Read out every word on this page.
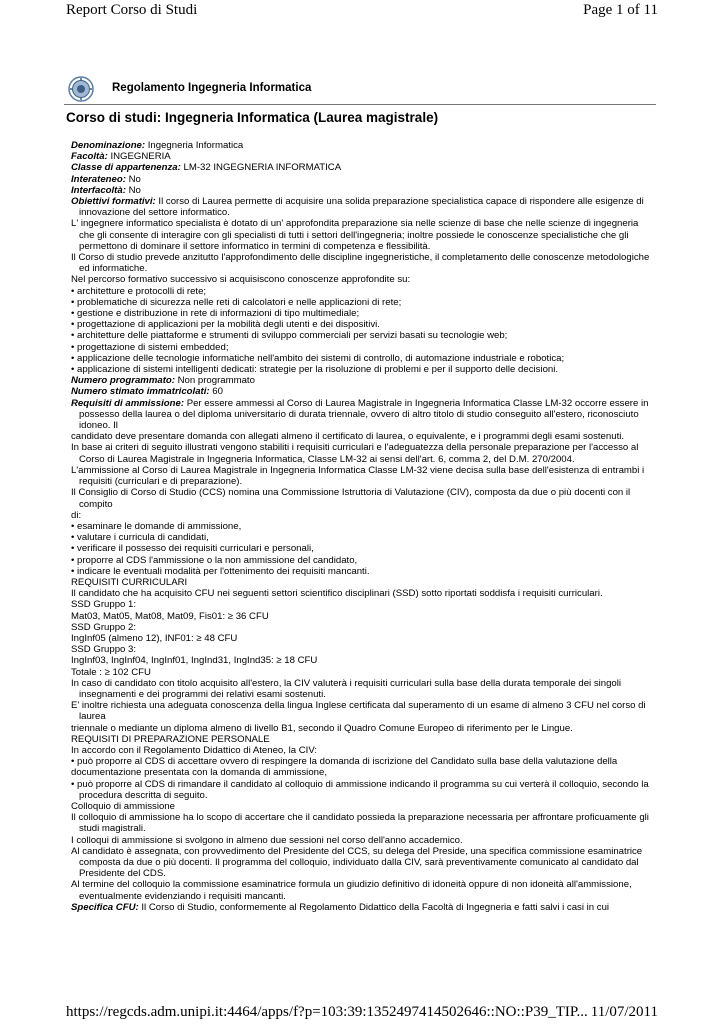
Report Corso di Studi	Page 1 of 11
Regolamento Ingegneria Informatica
Corso di studi: Ingegneria Informatica (Laurea magistrale)

Denominazione: Ingegneria Informatica

Facoltà: INGEGNERIA

Classe di appartenenza: LM-32 INGEGNERIA INFORMATICA

Interateneo: No

Interfacoltà: No

Obiettivi formativi: Il corso di Laurea permette di acquisire una solida preparazione specialistica capace di rispondere alle esigenze di innovazione del settore informatico.

L' ingegnere informatico specialista è dotato di un' approfondita preparazione sia nelle scienze di base che nelle scienze di ingegneria che gli consente di interagire con gli specialisti di tutti i settori dell'ingegneria; inoltre possiede le conoscenze specialistiche che gli permettono di dominare il settore informatico in termini di competenza e flessibilità.

Il Corso di studio prevede anzitutto l'approfondimento delle discipline ingegneristiche, il completamento delle conoscenze metodologiche ed informatiche.

Nel percorso formativo successivo si acquisiscono conoscenze approfondite su:

• architetture e protocolli di rete;

• problematiche di sicurezza nelle reti di calcolatori e nelle applicazioni di rete;

• gestione e distribuzione in rete di informazioni di tipo multimediale;

• progettazione di applicazioni per la mobilità degli utenti e dei dispositivi.

• architetture delle piattaforme e strumenti di sviluppo commerciali per servizi basati su tecnologie web;

• progettazione di sistemi embedded;

• applicazione delle tecnologie informatiche nell'ambito dei sistemi di controllo, di automazione industriale e robotica;

• applicazione di sistemi intelligenti dedicati: strategie per la risoluzione di problemi e per il supporto delle decisioni.

Numero programmato: Non programmato

Numero stimato immatricolati: 60

Requisiti di ammissione: Per essere ammessi al Corso di Laurea Magistrale in Ingegneria Informatica Classe LM-32 occorre essere in possesso della laurea o del diploma universitario di durata triennale, ovvero di altro titolo di studio conseguito all'estero, riconosciuto idoneo. Il

candidato deve presentare domanda con allegati almeno il certificato di laurea, o equivalente, e i programmi degli esami sostenuti.

In base ai criteri di seguito illustrati vengono stabiliti i requisiti curriculari e l'adeguatezza della personale preparazione per l'accesso al Corso di Laurea Magistrale in Ingegneria Informatica, Classe LM-32 ai sensi dell'art. 6, comma 2, del D.M. 270/2004.

L'ammissione al Corso di Laurea Magistrale in Ingegneria Informatica Classe LM-32 viene decisa sulla base dell'esistenza di entrambi i requisiti (curriculari e di preparazione).

Il Consiglio di Corso di Studio (CCS) nomina una Commissione Istruttoria di Valutazione (CIV), composta da due o più docenti con il compito

di:

• esaminare le domande di ammissione,

• valutare i curricula di candidati,

• verificare il possesso dei requisiti curriculari e personali,

• proporre al CDS l'ammissione o la non ammissione del candidato,

• indicare le eventuali modalità per l'ottenimento dei requisiti mancanti.

REQUISITI CURRICULARI

Il candidato che ha acquisito CFU nei seguenti settori scientifico disciplinari (SSD) sotto riportati soddisfa i requisiti curriculari.

SSD Gruppo 1:

Mat03, Mat05, Mat08, Mat09, Fis01: ≥ 36 CFU

SSD Gruppo 2:

IngInf05 (almeno 12), INF01: ≥ 48 CFU

SSD Gruppo 3:

IngInf03, IngInf04, IngInf01, IngInd31, IngInd35: ≥ 18 CFU

Totale : ≥ 102 CFU

In caso di candidato con titolo acquisito all'estero, la CIV valuterà i requisiti curriculari sulla base della durata temporale dei singoli insegnamenti e dei programmi dei relativi esami sostenuti.

E' inoltre richiesta una adeguata conoscenza della lingua Inglese certificata dal superamento di un esame di almeno 3 CFU nel corso di laurea

triennale o mediante un diploma almeno di livello B1, secondo il Quadro Comune Europeo di riferimento per le Lingue.

REQUISITI DI PREPARAZIONE PERSONALE

In accordo con il Regolamento Didattico di Ateneo, la CIV:

• può proporre al CDS di accettare ovvero di respingere la domanda di iscrizione del Candidato sulla base della valutazione della

documentazione presentata con la domanda di ammissione,

• può proporre al CDS di rimandare il candidato al colloquio di ammissione indicando il programma su cui verterà il colloquio, secondo la procedura descritta di seguito.

Colloquio di ammissione

Il colloquio di ammissione ha lo scopo di accertare che il candidato possieda la preparazione necessaria per affrontare proficuamente gli studi magistrali.

I colloqui di ammissione si svolgono in almeno due sessioni nel corso dell'anno accademico.

Al candidato è assegnata, con provvedimento del Presidente del CCS, su delega del Preside, una specifica commissione esaminatrice composta da due o più docenti. Il programma del colloquio, individuato dalla CIV, sarà preventivamente comunicato al candidato dal Presidente del CDS.

Al termine del colloquio la commissione esaminatrice formula un giudizio definitivo di idoneità oppure di non idoneità all'ammissione, eventualmente evidenziando i requisiti mancanti.

Specifica CFU: Il Corso di Studio, conformemente al Regolamento Didattico della Facoltà di Ingegneria e fatti salvi i casi in cui

https://regcds.adm.unipi.it:4464/apps/f?p=103:39:1352497414502646::NO::P39_TIP... 11/07/2011
